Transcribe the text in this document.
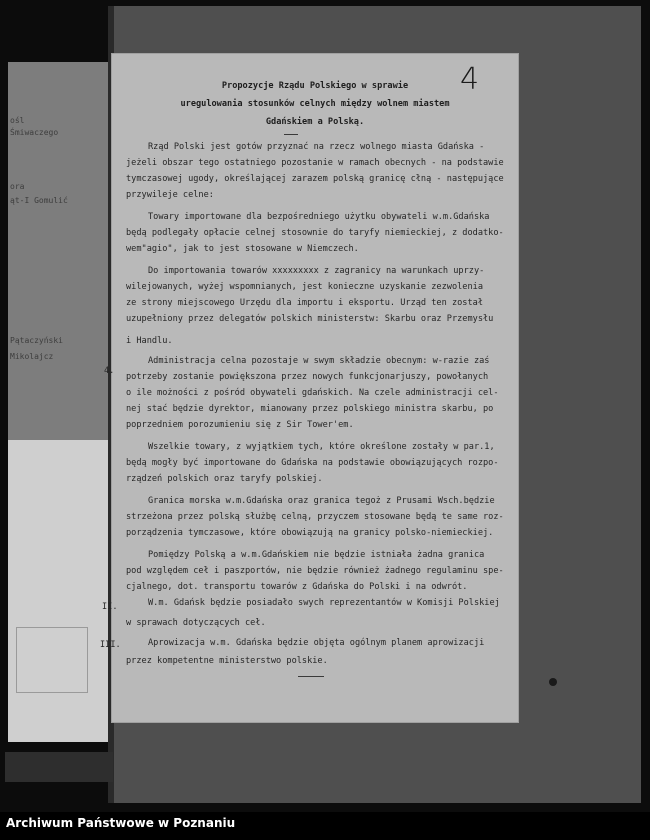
ośl
Śmiwaczego
ora
ąt-I Gomulić
Pątaczyński
Mikolajcz
4
Propozycje Rządu Polskiego w sprawie
uregulowania stosunków celnych między wolnem miastem
Gdańskiem a Polską.
Rząd Polski jest gotów przyznać na rzecz wolnego miasta Gdańska -
jeżeli obszar tego ostatniego pozostanie w ramach obecnych - na podstawie
tymczasowej ugody, określającej zarazem polską granicę cłną - następujące
przywileje celne:
Towary importowane dla bezpośredniego użytku obywateli w.m.Gdańska
będą podlegały opłacie celnej stosownie do taryfy niemieckiej, z dodatko-
wem"agio", jak to jest stosowane w Niemczech.
Do importowania towarów xxxxxxxxx z zagranicy na warunkach uprzy-
wilejowanych, wyżej wspomnianych, jest konieczne uzyskanie zezwolenia
ze strony miejscowego Urzędu dla importu i eksportu. Urząd ten został
uzupełniony przez delegatów polskich ministerstw: Skarbu oraz Przemysłu
i Handlu.
4.
Administracja celna pozostaje w swym składzie obecnym: w-razie zaś
potrzeby zostanie powiększona przez nowych funkcjonarjuszy, powołanych
o ile możności z pośród obywateli gdańskich. Na czele administracji cel-
nej stać będzie dyrektor, mianowany przez polskiego ministra skarbu, po
poprzedniem porozumieniu się z Sir Tower'em.
Wszelkie towary, z wyjątkiem tych, które określone zostały w par.1,
będą mogły być importowane do Gdańska na podstawie obowiązujących rozpo-
rządzeń polskich oraz taryfy polskiej.
Granica morska w.m.Gdańska oraz granica tegoż z Prusami Wsch.będzie
strzeżona przez polską służbę celną, przyczem stosowane będą te same roz-
porządzenia tymczasowe, które obowiązują na granicy polsko-niemieckiej.
Pomiędzy Polską a w.m.Gdańskiem nie będzie istniała żadna granica
pod względem ceł i paszportów, nie będzie również żadnego regulaminu spe-
cjalnego, dot. transportu towarów z Gdańska do Polski i na odwrót.
II.	W.m. Gdańsk będzie posiadało swych reprezentantów w Komisji Polskiej
w sprawach dotyczących ceł.
III.	Aprowizacja w.m. Gdańska będzie objęta ogólnym planem aprowizacji
przez kompetentne ministerstwo polskie.
Archiwum Państwowe w Poznaniu
